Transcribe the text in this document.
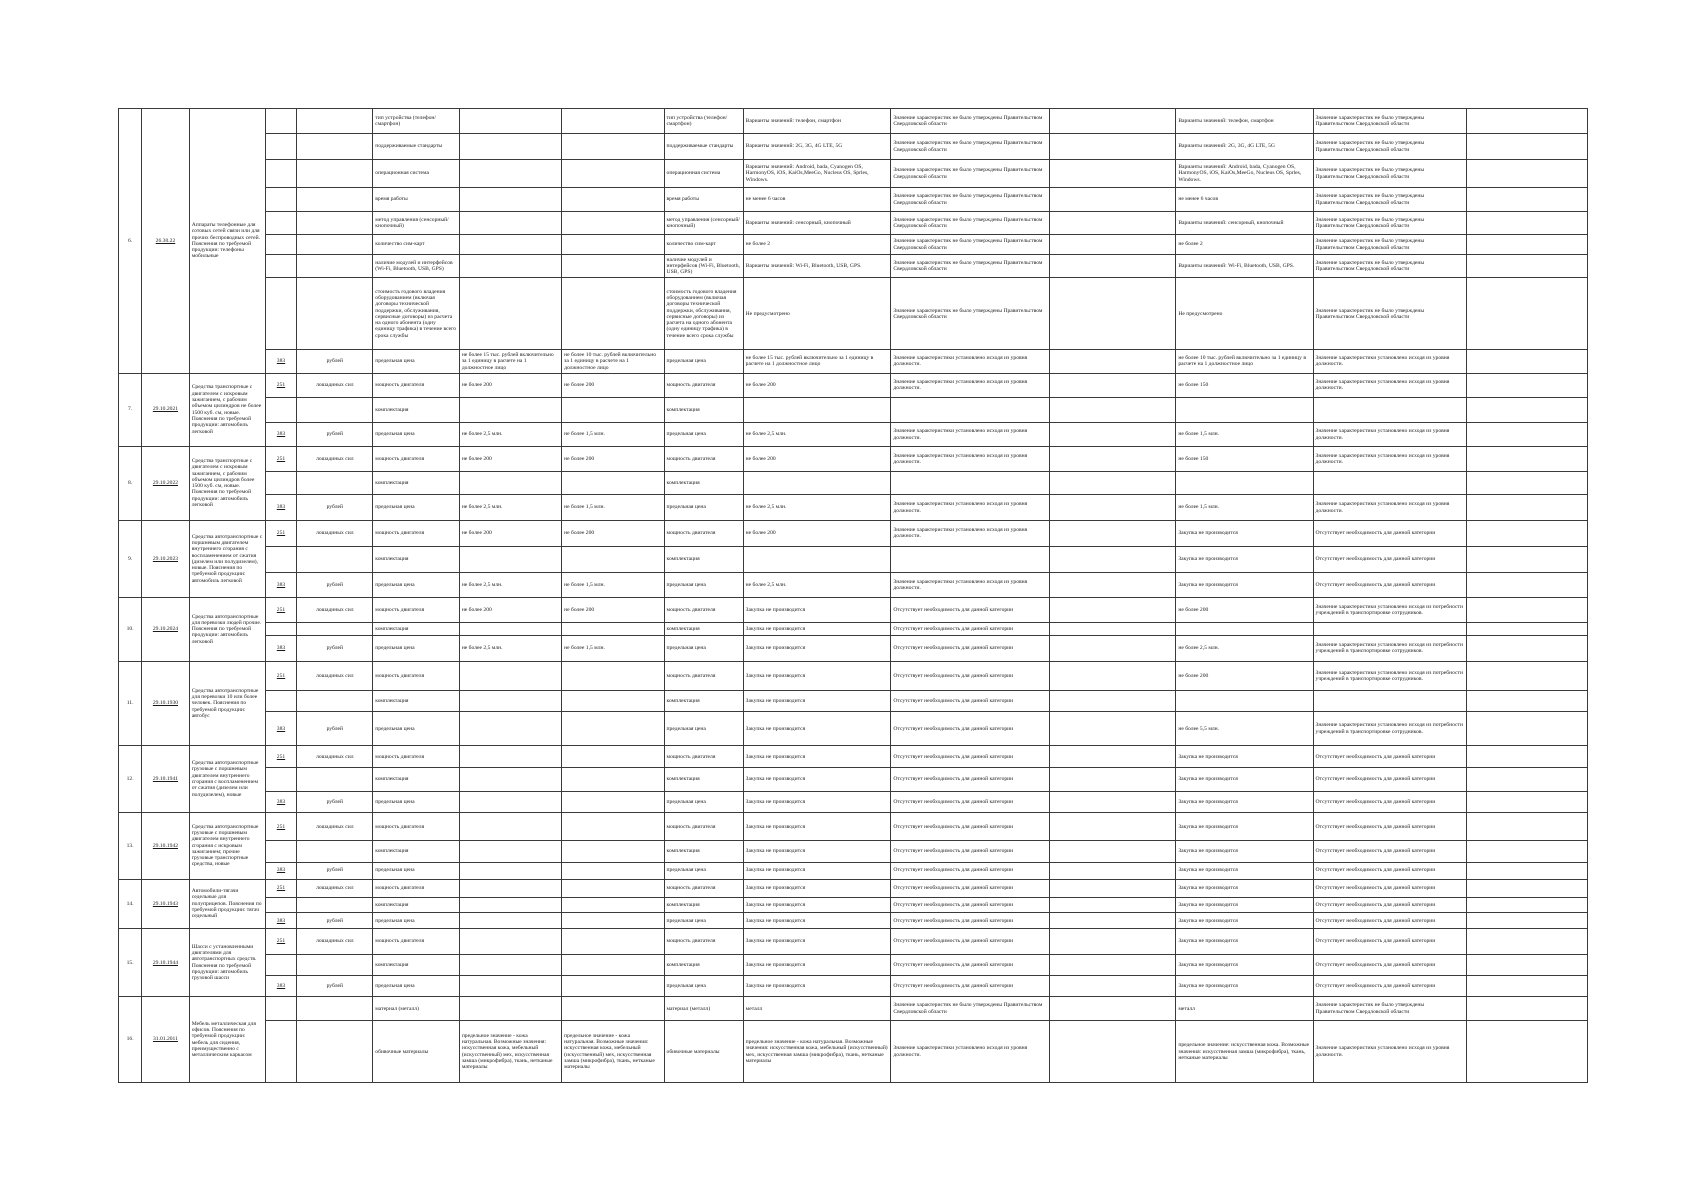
6.	26.30.22	Аппараты телефонные для сотовых сетей связи или для прочих беспроводных сетей. Пояснения по требуемой продукции: телефоны мобильные			тип устройства (телефон/смартфон)			тип устройства (телефон/смартфон)	Варианты значений: телефон, смартфон	Значение характеристик не было утверждены Правительством Свердловской области		Варианты значений: телефон, смартфон	Значение характеристик не было утверждены Правительством Свердловской области	
					поддерживаемые стандарты			поддерживаемые стандарты	Варианты значений: 2G, 3G, 4G LTE, 5G	Значение характеристик не было утверждены Правительством Свердловской области		Варианты значений: 2G, 3G, 4G LTE, 5G	Значение характеристик не было утверждены Правительством Свердловской области	
					операционная система			операционная система	Варианты значений: Android, bada, Cyanogen OS, HarmonyOS, iOS, KaiOs,MeeGo, Nucleus OS, Sprles, Windows.	Значение характеристик не было утверждены Правительством Свердловской области		Варианты значений: Android, bada, Cyanogen OS, HarmonyOS, iOS, KaiOs,MeeGo, Nucleus OS, Sprles, Windows.	Значение характеристик не было утверждены Правительством Свердловской области	
					время работы			время работы	не менее 6 часов	Значение характеристик не было утверждены Правительством Свердловской области		не менее 6 часов	Значение характеристик не было утверждены Правительством Свердловской области	
					метод управления (сенсорный/кнопочный)			метод управления (сенсорный/кнопочный)	Варианты значений: сенсорный, кнопочный	Значение характеристик не было утверждены Правительством Свердловской области		Варианты значений: сенсорный, кнопочный	Значение характеристик не было утверждены Правительством Свердловской области	
					количество сим-карт			количество сим-карт	не более 2	Значение характеристик не было утверждены Правительством Свердловской области		не более 2	Значение характеристик не было утверждены Правительством Свердловской области	
					наличие модулей и интерфейсов (Wi-Fi, Bluetooth, USB, GPS)			наличие модулей и интерфейсов (Wi-Fi, Bluetooth, USB, GPS)	Варианты значений: Wi-Fi, Bluetooth, USB, GPS.	Значение характеристик не было утверждены Правительством Свердловской области		Варианты значений: Wi-Fi, Bluetooth, USB, GPS.	Значение характеристик не было утверждены Правительством Свердловской области	
					стоимость годового владения оборудованием (включая договоры технической поддержки, обслуживания, сервисные договоры) из расчета на одного абонента (одну единицу трафика) в течение всего срока службы			стоимость годового владения оборудованием (включая договоры технической поддержки, обслуживания, сервисные договоры) из расчета на одного абонента (одну единицу трафика) в течение всего срока службы	Не предусмотрено	Значение характеристик не было утверждены Правительством Свердловской области		Не предусмотрено	Значение характеристик не было утверждены Правительством Свердловской области	
			383	рублей	предельная цена	не более 15 тыс. рублей включительно за 1 единицу в расчете на 1 должностное лицо	не более 10 тыс. рублей включительно за 1 единицу в расчете на 1 должностное лицо	предельная цена	не более 15 тыс. рублей включительно за 1 единицу в расчете на 1 должностное лицо	Значение характеристики установлено исходя из уровня должности.		не более 10 тыс. рублей включительно за 1 единицу в расчете на 1 должностное лицо	Значение характеристики установлено исходя из уровня должности.	
7.	29.10.2021	Средства транспортные с двигателем с искровым зажиганием, с рабочим объемом цилиндров не более 1500 куб. см, новые. Пояснения по требуемой продукции: автомобиль легковой	251	лошадиных сил	мощность двигателя	не более 200	не более 200	мощность двигателя	не более 200	Значение характеристики установлено исходя из уровня должности.		не более 150	Значение характеристики установлено исходя из уровня должности.	
					комплектация			комплектация						
			383	рублей	предельная цена	не более 2,5 млн.	не более 1,5 млн.	предельная цена	не более 2,5 млн.	Значение характеристики установлено исходя из уровня должности.		не более 1,5 млн.	Значение характеристики установлено исходя из уровня должности.	
8.	29.10.2022	Средства транспортные с двигателем с искровым зажиганием, с рабочим объемом цилиндров более 1500 куб. см, новые. Пояснения по требуемой продукции: автомобиль легковой	251	лошадиных сил	мощность двигателя	не более 200	не более 200	мощность двигателя	не более 200	Значение характеристики установлено исходя из уровня должности.		не более 150	Значение характеристики установлено исходя из уровня должности.	
					комплектация			комплектация						
			383	рублей	предельная цена	не более 2,5 млн.	не более 1,5 млн.	предельная цена	не более 2,5 млн.	Значение характеристики установлено исходя из уровня должности.		не более 1,5 млн.	Значение характеристики установлено исходя из уровня должности.	
9.	29.10.2023	Средства автотранспортные с поршневым двигателем внутреннего сгорания с воспламенением от сжатия (дизелем или полудизелем), новые. Пояснения по требуемой продукции: автомобиль легковой	251	лошадиных сил	мощность двигателя	не более 200	не более 200	мощность двигателя	не более 200	Значение характеристики установлено исходя из уровня должности.		Закупка не производится	Отсутствует необходимость для данной категории	
					комплектация			комплектация				Закупка не производится	Отсутствует необходимость для данной категории	
			383	рублей	предельная цена	не более 2,5 млн.	не более 1,5 млн.	предельная цена	не более 2,5 млн.	Значение характеристики установлено исходя из уровня должности.		Закупка не производится	Отсутствует необходимость для данной категории	
10.	29.10.2024	Средства автотранспортные для перевозки людей прочие. Пояснения по требуемой продукции: автомобиль легковой	251	лошадиных сил	мощность двигателя	не более 200	не более 200	мощность двигателя	Закупка не производится	Отсутствует необходимость для данной категории		не более 200	Значение характеристики установлено исходя из потребности учреждений в транспортировке сотрудников.	
					комплектация			комплектация	Закупка не производится	Отсутствует необходимость для данной категории				
			383	рублей	предельная цена	не более 2,5 млн.	не более 1,5 млн.	предельная цена	Закупка не производится	Отсутствует необходимость для данной категории		не более 2,5 млн.	Значение характеристики установлено исходя из потребности учреждений в транспортировке сотрудников.	
11.	29.10.1930	Средства автотранспортные для перевозки 10 или более человек. Пояснения по требуемой продукции: автобус	251	лошадиных сил	мощность двигателя			мощность двигателя	Закупка не производится	Отсутствует необходимость для данной категории		не более 200	Значение характеристики установлено исходя из потребности учреждений в транспортировке сотрудников.	
					комплектация			комплектация	Закупка не производится	Отсутствует необходимость для данной категории				
			383	рублей	предельная цена			предельная цена	Закупка не производится	Отсутствует необходимость для данной категории		не более 5,5 млн.	Значение характеристики установлено исходя из потребности учреждений в транспортировке сотрудников.	
12.	29.10.1941	Средства автотранспортные грузовые с поршневым двигателем внутреннего сгорания с воспламенением от сжатия (дизелем или полудизелем), новые	251	лошадиных сил	мощность двигателя			мощность двигателя	Закупка не производится	Отсутствует необходимость для данной категории		Закупка не производится	Отсутствует необходимость для данной категории	
					комплектация			комплектация	Закупка не производится	Отсутствует необходимость для данной категории		Закупка не производится	Отсутствует необходимость для данной категории	
			383	рублей	предельная цена			предельная цена	Закупка не производится	Отсутствует необходимость для данной категории		Закупка не производится	Отсутствует необходимость для данной категории	
13.	29.10.1942	Средства автотранспортные грузовые с поршневым двигателем внутреннего сгорания с искровым зажиганием; прочие грузовые транспортные средства, новые	251	лошадиных сил	мощность двигателя			мощность двигателя	Закупка не производится	Отсутствует необходимость для данной категории		Закупка не производится	Отсутствует необходимость для данной категории	
					комплектация			комплектация	Закупка не производится	Отсутствует необходимость для данной категории		Закупка не производится	Отсутствует необходимость для данной категории	
			383	рублей	предельная цена			предельная цена	Закупка не производится	Отсутствует необходимость для данной категории		Закупка не производится	Отсутствует необходимость для данной категории	
14.	29.10.1943	Автомобили-тягачи седельные для полуприцепов. Пояснения по требуемой продукции: тягач седельный	251	лошадиных сил	мощность двигателя			мощность двигателя	Закупка не производится	Отсутствует необходимость для данной категории		Закупка не производится	Отсутствует необходимость для данной категории	
					комплектация			комплектация	Закупка не производится	Отсутствует необходимость для данной категории		Закупка не производится	Отсутствует необходимость для данной категории	
			383	рублей	предельная цена			предельная цена	Закупка не производится	Отсутствует необходимость для данной категории		Закупка не производится	Отсутствует необходимость для данной категории	
15.	29.10.1944	Шасси с установленными двигателями для автотранспортных средств. Пояснения по требуемой продукции: автомобиль грузовой шасси	251	лошадиных сил	мощность двигателя			мощность двигателя	Закупка не производится	Отсутствует необходимость для данной категории		Закупка не производится	Отсутствует необходимость для данной категории	
					комплектация			комплектация	Закупка не производится	Отсутствует необходимость для данной категории		Закупка не производится	Отсутствует необходимость для данной категории	
			383	рублей	предельная цена			предельная цена	Закупка не производится	Отсутствует необходимость для данной категории		Закупка не производится	Отсутствует необходимость для данной категории	
16.	31.01.2011	Мебель металлическая для офисов. Пояснения по требуемой продукции: мебель для сидения, преимущественно с металлическим каркасом			материал (металл)			материал (металл)	металл	Значение характеристик не было утверждены Правительством Свердловской области		металл	Значение характеристик не было утверждены Правительством Свердловской области	
					обивочные материалы	предельное значение - кожа натуральная. Возможные значения: искусственная кожа, мебельный (искусственный) мех, искусственная замша (микрофибра), ткань, нетканые материалы	предельное значение - кожа натуральная. Возможные значения: искусственная кожа, мебельный (искусственный) мех, искусственная замша (микрофибра), ткань, нетканые материалы	обивочные материалы	предельное значение - кожа натуральная. Возможные значения: искусственная кожа, мебельный (искусственный) мех, искусственная замша (микрофибра), ткань, нетканые материалы	Значение характеристики установлено исходя из уровня должности.		предельное значение: искусственная кожа. Возможные значения: искусственная замша (микрофибра), ткань, нетканые материалы	Значение характеристики установлено исходя из уровня должности.	
